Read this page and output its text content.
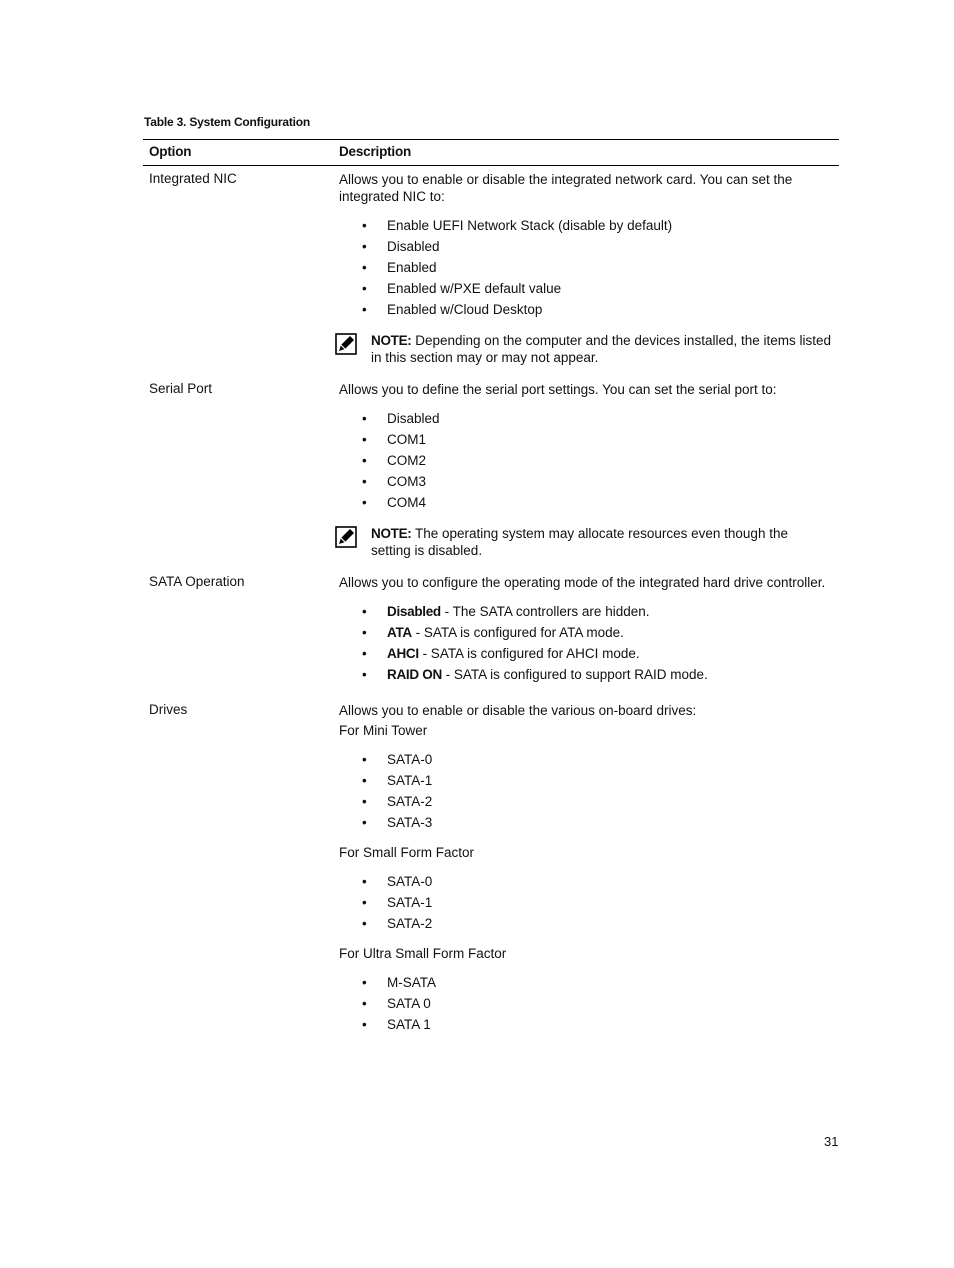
Table 3. System Configuration
Option	Description
Integrated NIC	Allows you to enable or disable the integrated network card. You can set the integrated NIC to:
• Enable UEFI Network Stack (disable by default)
• Disabled
• Enabled
• Enabled w/PXE default value
• Enabled w/Cloud Desktop
NOTE: Depending on the computer and the devices installed, the items listed in this section may or may not appear.
Serial Port	Allows you to define the serial port settings. You can set the serial port to:
• Disabled
• COM1
• COM2
• COM3
• COM4
NOTE: The operating system may allocate resources even though the setting is disabled.
SATA Operation	Allows you to configure the operating mode of the integrated hard drive controller.
• Disabled - The SATA controllers are hidden.
• ATA - SATA is configured for ATA mode.
• AHCI - SATA is configured for AHCI mode.
• RAID ON - SATA is configured to support RAID mode.
Drives	Allows you to enable or disable the various on-board drives:
For Mini Tower
• SATA-0
• SATA-1
• SATA-2
• SATA-3
For Small Form Factor
• SATA-0
• SATA-1
• SATA-2
For Ultra Small Form Factor
• M-SATA
• SATA 0
• SATA 1
31
